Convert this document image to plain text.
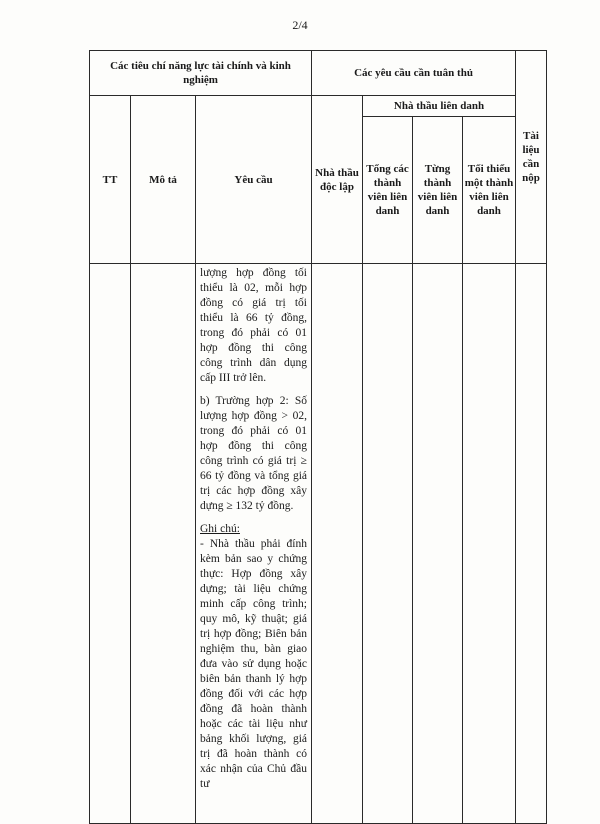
2/4
Các tiêu chí năng lực tài chính và kinh nghiệm			Các yêu cầu cần tuân thủ				Tài liệu cần nộp
TT	Mô tả	Yêu cầu	Nhà thầu độc lập	Nhà thầu liên danh			
				Tổng các thành viên liên danh	Từng thành viên liên danh	Tối thiểu một thành viên liên danh	

		lượng hợp đồng tối thiểu là 02, mỗi hợp đồng có giá trị tối thiểu là 66 tỷ đồng, trong đó phải có 01 hợp đồng thi công công trình dân dụng cấp III trở lên.

b) Trường hợp 2: Số lượng hợp đồng > 02, trong đó phải có 01 hợp đồng thi công công trình có giá trị ≥ 66 tỷ đồng và tổng giá trị các hợp đồng xây dựng ≥ 132 tỷ đồng.

Ghi chú:
- Nhà thầu phải đính kèm bản sao y chứng thực: Hợp đồng xây dựng; tài liệu chứng minh cấp công trình; quy mô, kỹ thuật; giá trị hợp đồng; Biên bản nghiệm thu, bàn giao đưa vào sử dụng hoặc biên bản thanh lý hợp đồng đối với các hợp đồng đã hoàn thành hoặc các tài liệu như bảng khối lượng, giá trị đã hoàn thành có xác nhận của Chủ đầu tư					
